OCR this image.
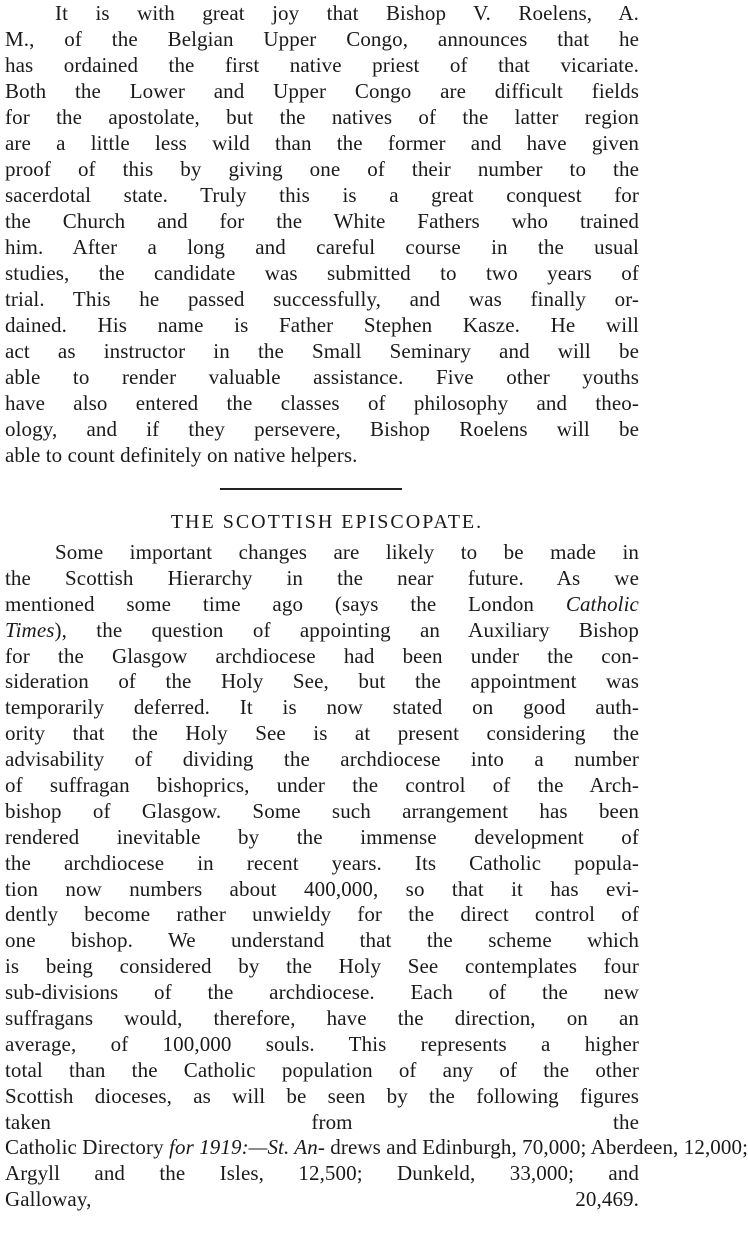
It is with great joy that Bishop V. Roelens, A.
M., of the Belgian Upper Congo, announces that he
has ordained the first native priest of that vicariate.
Both the Lower and Upper Congo are difficult fields
for the apostolate, but the natives of the latter region
are a little less wild than the former and have given
proof of this by giving one of their number to the
sacerdotal state. Truly this is a great conquest for
the Church and for the White Fathers who trained
him. After a long and careful course in the usual
studies, the candidate was submitted to two years of
trial. This he passed successfully, and was finally or-
dained. His name is Father Stephen Kasze. He will
act as instructor in the Small Seminary and will be
able to render valuable assistance. Five other youths
have also entered the classes of philosophy and theo-
ology, and if they persevere, Bishop Roelens will be
able to count definitely on native helpers.
THE SCOTTISH EPISCOPATE.
Some important changes are likely to be made in
the Scottish Hierarchy in the near future. As we
mentioned some time ago (says the London Catholic
Times), the question of appointing an Auxiliary Bishop
for the Glasgow archdiocese had been under the con-
sideration of the Holy See, but the appointment was
temporarily deferred. It is now stated on good auth-
ority that the Holy See is at present considering the
advisability of dividing the archdiocese into a number
of suffragan bishoprics, under the control of the Arch-
bishop of Glasgow. Some such arrangement has been
rendered inevitable by the immense development of
the archdiocese in recent years. Its Catholic popula-
tion now numbers about 400,000, so that it has evi-
dently become rather unwieldy for the direct control of
one bishop. We understand that the scheme which
is being considered by the Holy See contemplates four
sub-divisions of the archdiocese. Each of the new
suffragans would, therefore, have the direction, on an
average, of 100,000 souls. This represents a higher
total than the Catholic population of any of the other
Scottish dioceses, as will be seen by the following figures
taken from the
Catholic Directory for 1919:—St. An- drews and Edinburgh, 70,000; Aberdeen, 12,000;
Argyll and the Isles, 12,500; Dunkeld, 33,000; and
Galloway, 20,469.
